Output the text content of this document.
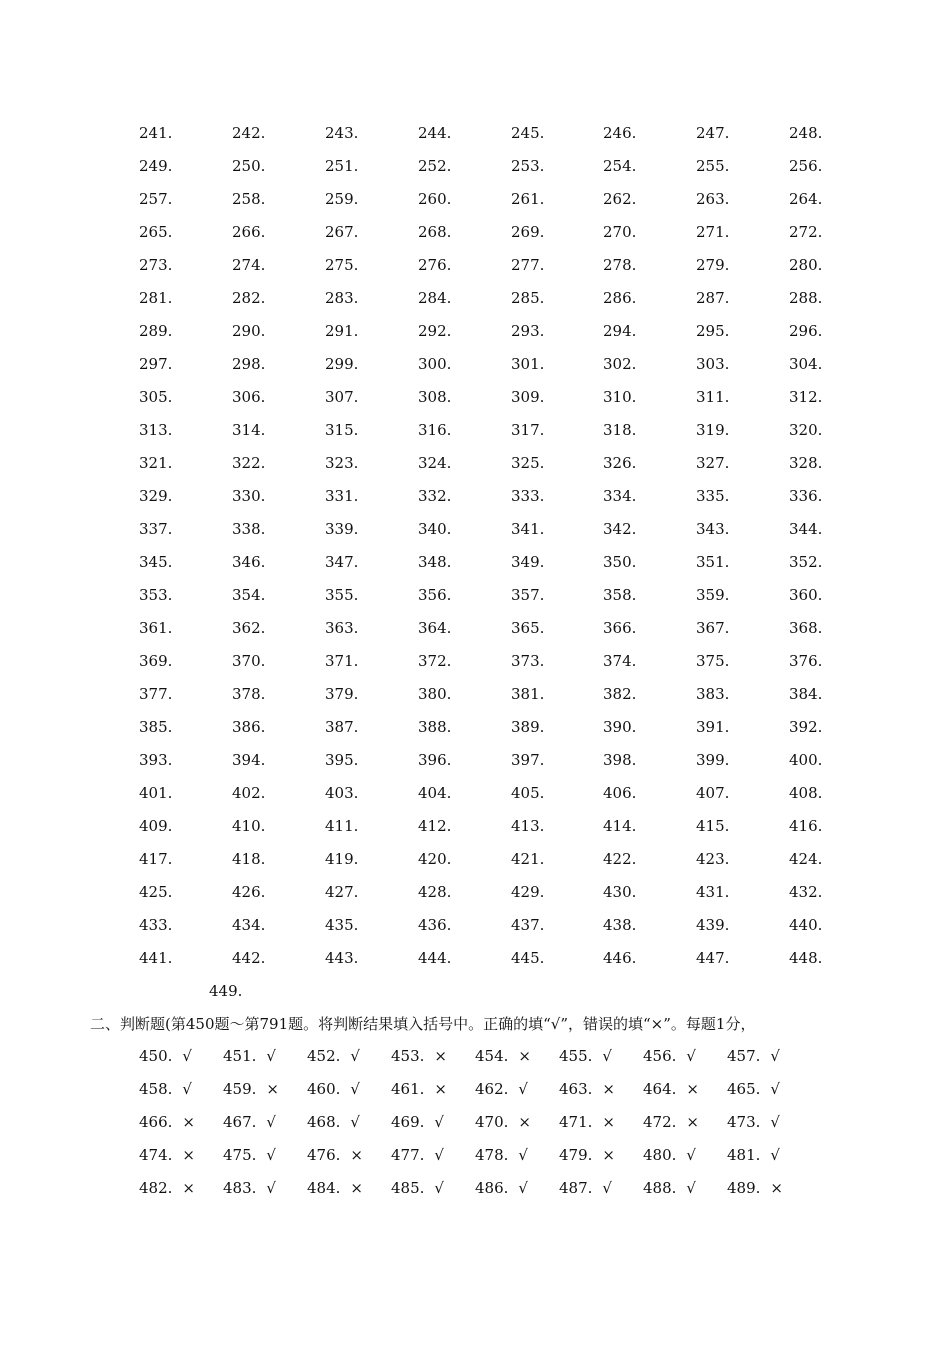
241.	242.	243.	244.	245.	246.	247.	248.
249.	250.	251.	252.	253.	254.	255.	256.
257.	258.	259.	260.	261.	262.	263.	264.
265.	266.	267.	268.	269.	270.	271.	272.
273.	274.	275.	276.	277.	278.	279.	280.
281.	282.	283.	284.	285.	286.	287.	288.
289.	290.	291.	292.	293.	294.	295.	296.
297.	298.	299.	300.	301.	302.	303.	304.
305.	306.	307.	308.	309.	310.	311.	312.
313.	314.	315.	316.	317.	318.	319.	320.
321.	322.	323.	324.	325.	326.	327.	328.
329.	330.	331.	332.	333.	334.	335.	336.
337.	338.	339.	340.	341.	342.	343.	344.
345.	346.	347.	348.	349.	350.	351.	352.
353.	354.	355.	356.	357.	358.	359.	360.
361.	362.	363.	364.	365.	366.	367.	368.
369.	370.	371.	372.	373.	374.	375.	376.
377.	378.	379.	380.	381.	382.	383.	384.
385.	386.	387.	388.	389.	390.	391.	392.
393.	394.	395.	396.	397.	398.	399.	400.
401.	402.	403.	404.	405.	406.	407.	408.
409.	410.	411.	412.	413.	414.	415.	416.
417.	418.	419.	420.	421.	422.	423.	424.
425.	426.	427.	428.	429.	430.	431.	432.
433.	434.	435.	436.	437.	438.	439.	440.
441.	442.	443.	444.	445.	446.	447.	448.
449.
二、判断题(第450题～第791题。将判断结果填入括号中。正确的填“√”，错误的填“×”。每题1分，
450. √ 451. √ 452. √ 453. × 454. × 455. √ 456. √ 457. √
458. √ 459. × 460. √ 461. × 462. √ 463. × 464. × 465. √
466. × 467. √ 468. √ 469. √ 470. × 471. × 472. × 473. √
474. × 475. √ 476. × 477. √ 478. √ 479. × 480. √ 481. √
482. × 483. √ 484. × 485. √ 486. √ 487. √ 488. √ 489. ×
